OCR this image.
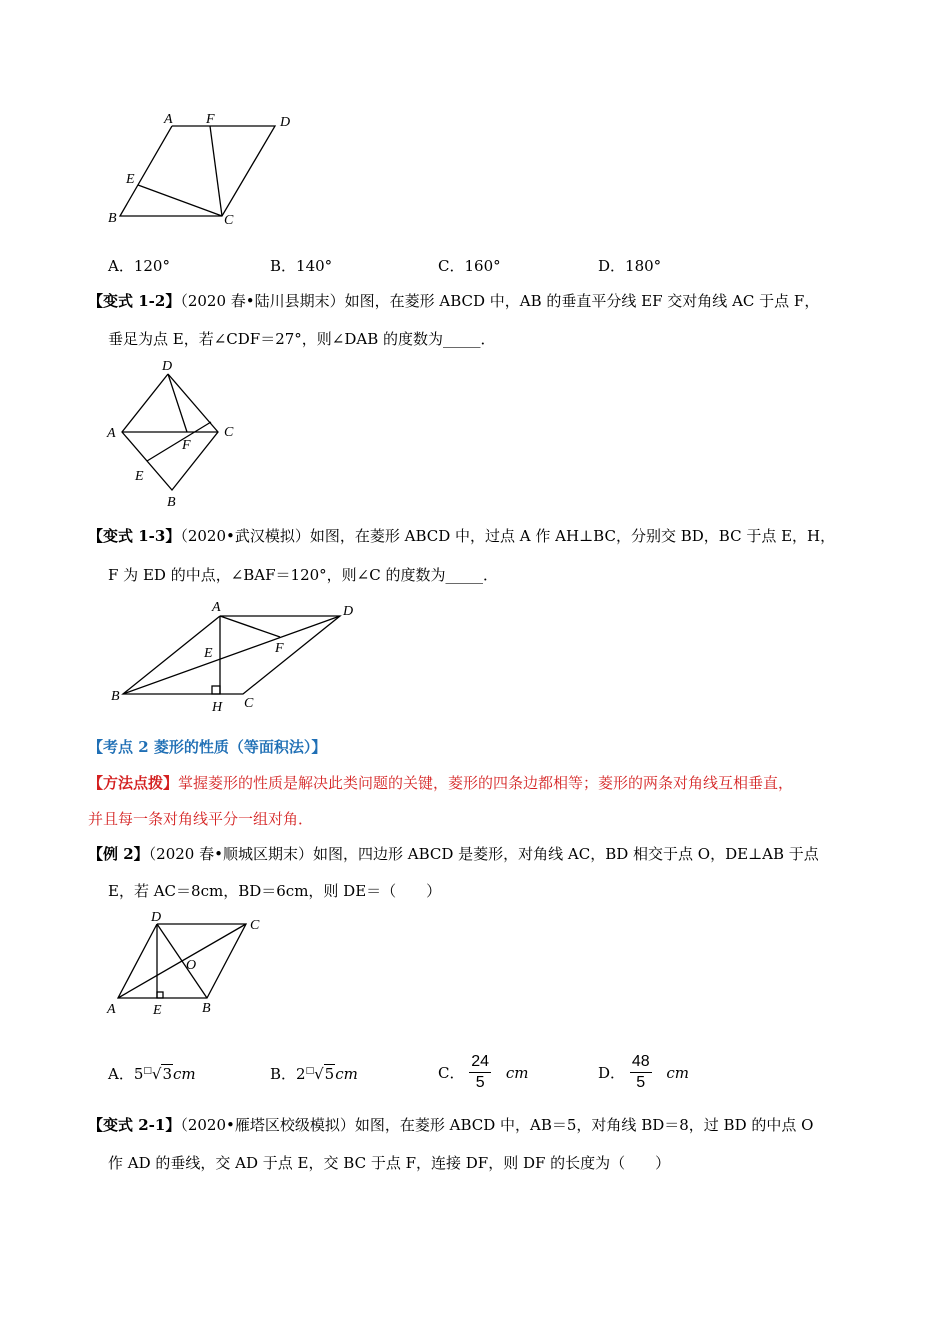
A F	D
E
B	C
A．120°	B．140°	C．160°	D．180°
【变式 1-2】（2020 春•陆川县期末）如图，在菱形 ABCD 中，AB 的垂直平分线 EF 交对角线 AC 于点 F，
垂足为点 E，若∠CDF＝27°，则∠DAB 的度数为_____．
D
A	C
F
E
B
【变式 1-3】（2020•武汉模拟）如图，在菱形 ABCD 中，过点 A 作 AH⊥BC，分别交 BD，BC 于点 E，H，
F 为 ED 的中点，∠BAF＝120°，则∠C 的度数为_____．
A	D
E	F
B
H C
【考点 2 菱形的性质（等面积法）】
【方法点拨】掌握菱形的性质是解决此类问题的关键，菱形的四条边都相等；菱形的两条对角线互相垂直，
并且每一条对角线平分一组对角．
【例 2】（2020 春•顺城区期末）如图，四边形 ABCD 是菱形，对角线 AC，BD 相交于点 O，DE⊥AB 于点
E，若 AC＝8cm，BD＝6cm，则 DE＝（　　）
D
C
O
A	E	B
A．5□√3cm	B．2□√5cm	C． $\frac{24}{5}$ cm	D． $\frac{48}{5}$ cm
【变式 2-1】（2020•雁塔区校级模拟）如图，在菱形 ABCD 中，AB＝5，对角线 BD＝8，过 BD 的中点 O
作 AD 的垂线，交 AD 于点 E，交 BC 于点 F，连接 DF，则 DF 的长度为（　　）
